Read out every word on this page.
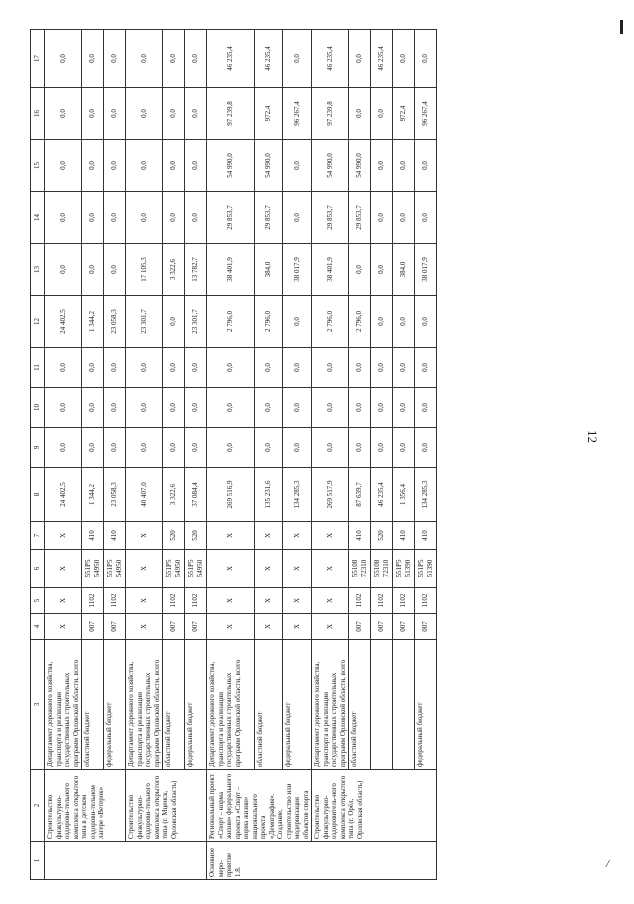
12
/
1	2	3	4	5	6	7	8	9	10	11	12	13	14	15	16	17
	Строительство физкультурно-оздорови-тельного комплекса открытого типа в детском оздорови-тельном лагере «Ветерок»	Департамент дорожного хозяйства, транспорта и реализации государственных строительных программ Орловской области, всего	X	X	X	X	24 402,5	0,0	0,0	0,0	24 402,5	0,0	0,0	0,0	0,0	0,0
		областной бюджет	007	1102	551P5 54950	410	1 344,2	0,0	0,0	0,0	1 344,2	0,0	0,0	0,0	0,0	0,0
		федеральный бюджет	007	1102	551P5 54950	410	23 058,3	0,0	0,0	0,0	23 058,3	0,0	0,0	0,0	0,0	0,0
	Строительство физкультурно-оздорови-тельного комплекса открытого типа (г. Мценск, Орловская область)	Департамент дорожного хозяйства, транспорта и реализации государственных строительных программ Орловской области, всего	X	X	X	X	40 407,0	0,0	0,0	0,0	23 301,7	17 105,3	0,0	0,0	0,0	0,0
		областной бюджет	007	1102	551P5 54950	520	3 322,6	0,0	0,0	0,0	0,0	3 322,6	0,0	0,0	0,0	0,0
		федеральный бюджет	007	1102	551P5 54950	520	37 084,4	0,0	0,0	0,0	23 301,7	13 782,7	0,0	0,0	0,0	0,0
Основное меро-приятие 1.8.	Региональный проект «Спорт – норма жизни» федерального проекта «Спорт – норма жизни» национального проекта «Демография». Создание, строительство или модернизация объектов спорта	Департамент дорожного хозяйства, транспорта и реализации государственных строительных программ Орловской области, всего	X	X	X	X	269 516,9	0,0	0,0	0,0	2 796,0	38 401,9	29 853,7	54 990,0	97 239,8	46 235,4
		областной бюджет	X	X	X	X	135 231,6	0,0	0,0	0,0	2 796,0	384,0	29 853,7	54 990,0	972,4	46 235,4
		федеральный бюджет	X	X	X	X	134 285,3	0,0	0,0	0,0	0,0	38 017,9	0,0	0,0	96 267,4	0,0
	Строительство физкультурно-оздоровитель-ного комплекса открытого типа (г. Орёл, Орловская область)	Департамент дорожного хозяйства, транспорта и реализации государственных строительных программ Орловской области, всего	X	X	X	X	269 517,9	0,0	0,0	0,0	2 796,0	38 401,9	29 853,7	54 990,0	97 239,8	46 235,4
		областной бюджет	007	1102	55108 72310	410	87 639,7	0,0	0,0	0,0	2 796,0	0,0	29 853,7	54 990,0	0,0	0,0
			007	1102	55108 72310	520	46 235,4	0,0	0,0	0,0	0,0	0,0	0,0	0,0	0,0	46 235,4
			007	1102	551P5 51390	410	1 356,4	0,0	0,0	0,0	0,0	384,0	0,0	0,0	972,4	0,0
		федеральный бюджет	007	1102	551P5 51390	410	134 285,3	0,0	0,0	0,0	0,0	38 017,9	0,0	0,0	96 267,4	0,0
